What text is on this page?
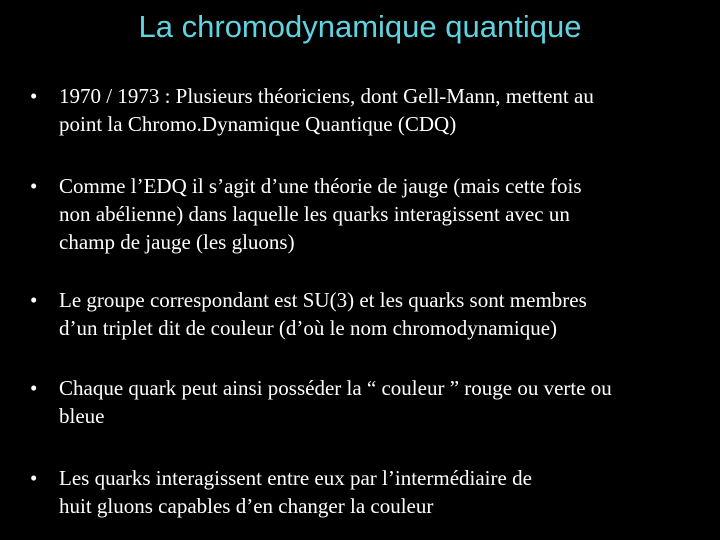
La chromodynamique quantique
•	1970 / 1973 : Plusieurs théoriciens, dont Gell-Mann, mettent au
point la Chromo.Dynamique Quantique (CDQ)
•	Comme l’EDQ il s’agit d’une théorie de jauge (mais cette fois
non abélienne) dans laquelle les quarks interagissent avec un
champ de jauge (les gluons)
•	Le groupe correspondant est SU(3) et les quarks sont membres
d’un triplet dit de couleur (d’où le nom chromodynamique)
•	Chaque quark peut ainsi posséder la “ couleur ” rouge ou verte ou
bleue
•	Les quarks interagissent entre eux par l’intermédiaire de
huit gluons capables d’en changer la couleur
